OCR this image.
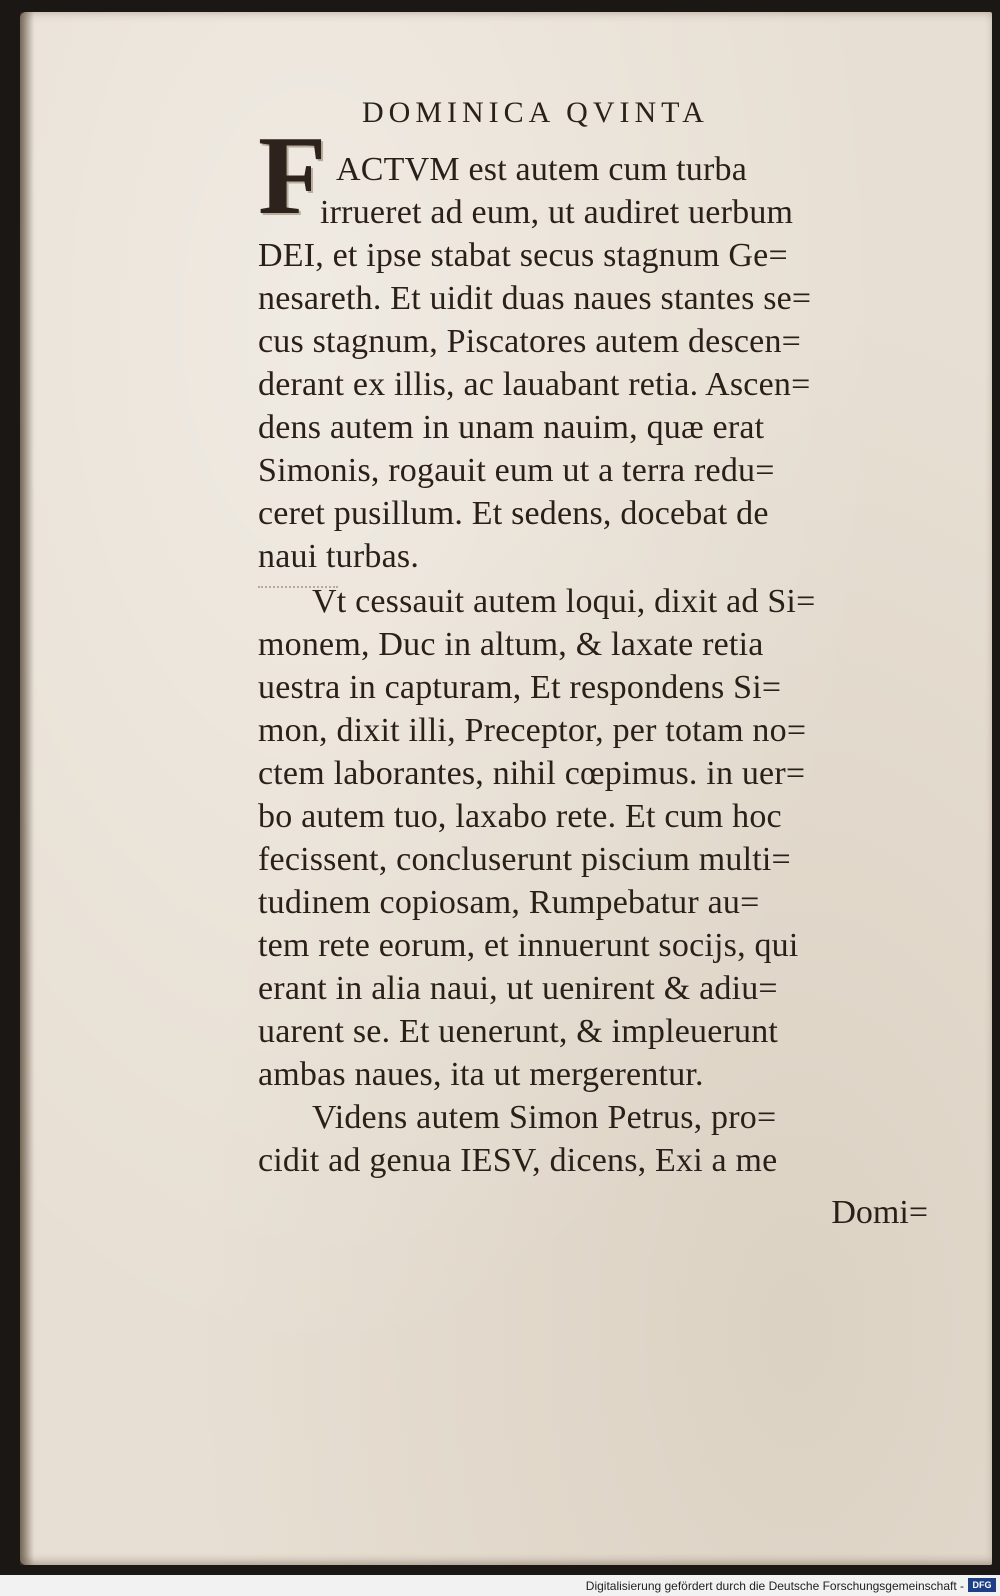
DOMINICA QVINTA
F ACTVM est autem cum turba
irrueret ad eum, ut audiret uerbum
DEI, et ipse stabat secus stagnum Ge=
nesareth. Et uidit duas naues stantes se=
cus stagnum, Piscatores autem descen=
derant ex illis, ac lauabant retia. Ascen=
dens autem in unam nauim, quæ erat
Simonis, rogauit eum ut a terra redu=
ceret pusillum. Et sedens, docebat de
naui turbas.
Vt cessauit autem loqui, dixit ad Si=
monem, Duc in altum, & laxate retia
uestra in capturam, Et respondens Si=
mon, dixit illi, Preceptor, per totam no=
ctem laborantes, nihil cœpimus. in uer=
bo autem tuo, laxabo rete. Et cum hoc
fecissent, concluserunt piscium multi=
tudinem copiosam, Rumpebatur au=
tem rete eorum, et innuerunt socijs, qui
erant in alia naui, ut uenirent & adiu=
uarent se. Et uenerunt, & impleuerunt
ambas naues, ita ut mergerentur.
Videns autem Simon Petrus, pro=
cidit ad genua IESV, dicens, Exi a me
Domi=
Digitalisierung gefördert durch die Deutsche Forschungsgemeinschaft - DFG
